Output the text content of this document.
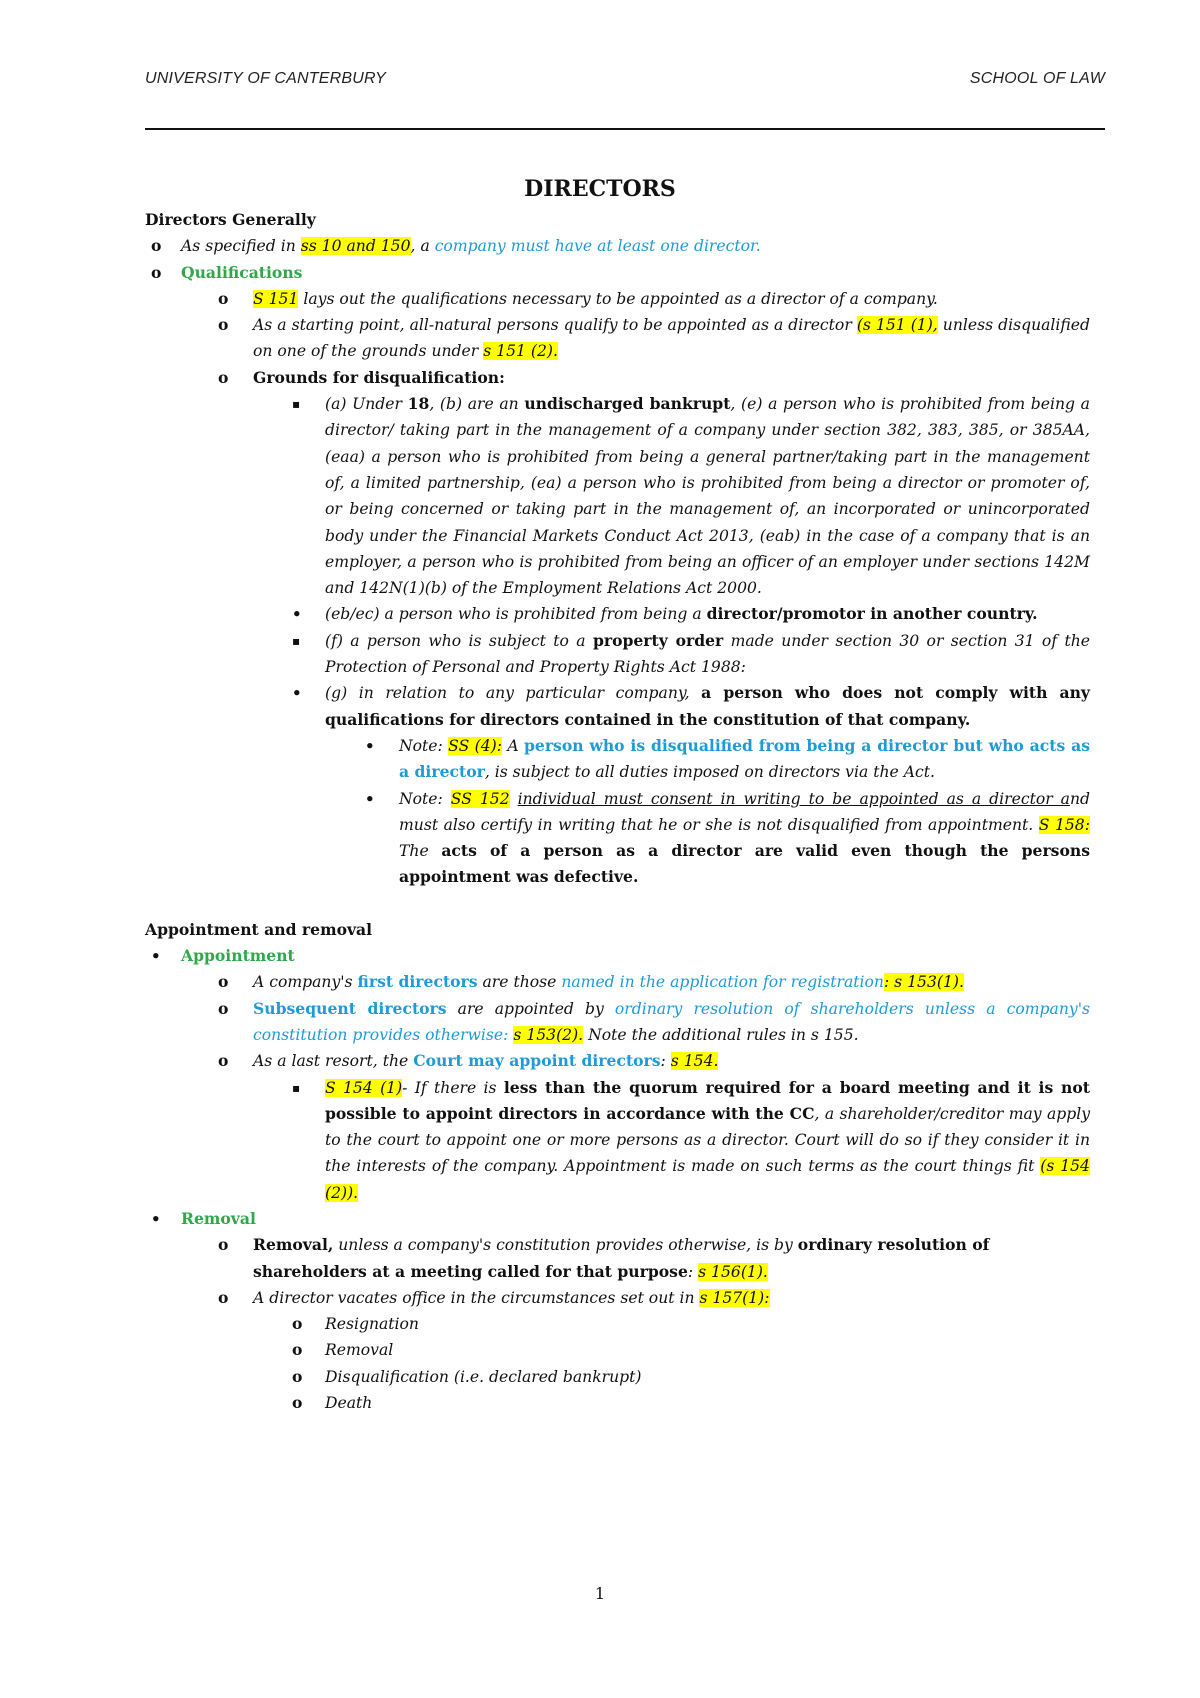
UNIVERSITY OF CANTERBURY	SCHOOL OF LAW
DIRECTORS
Directors Generally
o As specified in ss 10 and 150, a company must have at least one director.
o Qualifications
o S 151 lays out the qualifications necessary to be appointed as a director of a company.
o As a starting point, all-natural persons qualify to be appointed as a director (s 151 (1), unless disqualified on one of the grounds under s 151 (2).
o Grounds for disqualification:
▪ (a) Under 18, (b) are an undischarged bankrupt, (e) a person who is prohibited from being a director/ taking part in the management of a company under section 382, 383, 385, or 385AA, (eaa) a person who is prohibited from being a general partner/taking part in the management of, a limited partnership, (ea) a person who is prohibited from being a director or promoter of, or being concerned or taking part in the management of, an incorporated or unincorporated body under the Financial Markets Conduct Act 2013, (eab) in the case of a company that is an employer, a person who is prohibited from being an officer of an employer under sections 142M and 142N(1)(b) of the Employment Relations Act 2000.
• (eb/ec) a person who is prohibited from being a director/promotor in another country.
▪ (f) a person who is subject to a property order made under section 30 or section 31 of the Protection of Personal and Property Rights Act 1988:
• (g) in relation to any particular company, a person who does not comply with any qualifications for directors contained in the constitution of that company.
• Note: SS (4): A person who is disqualified from being a director but who acts as a director, is subject to all duties imposed on directors via the Act.
• Note: SS 152 individual must consent in writing to be appointed as a director and must also certify in writing that he or she is not disqualified from appointment. S 158: The acts of a person as a director are valid even though the persons appointment was defective.
Appointment and removal
• Appointment
o A company's first directors are those named in the application for registration: s 153(1).
o Subsequent directors are appointed by ordinary resolution of shareholders unless a company's constitution provides otherwise: s 153(2). Note the additional rules in s 155.
o As a last resort, the Court may appoint directors: s 154.
▪ S 154 (1)- If there is less than the quorum required for a board meeting and it is not possible to appoint directors in accordance with the CC, a shareholder/creditor may apply to the court to appoint one or more persons as a director. Court will do so if they consider it in the interests of the company. Appointment is made on such terms as the court things fit (s 154 (2)).
• Removal
o Removal, unless a company's constitution provides otherwise, is by ordinary resolution of shareholders at a meeting called for that purpose: s 156(1).
o A director vacates office in the circumstances set out in s 157(1):
o Resignation
o Removal
o Disqualification (i.e. declared bankrupt)
o Death
1
